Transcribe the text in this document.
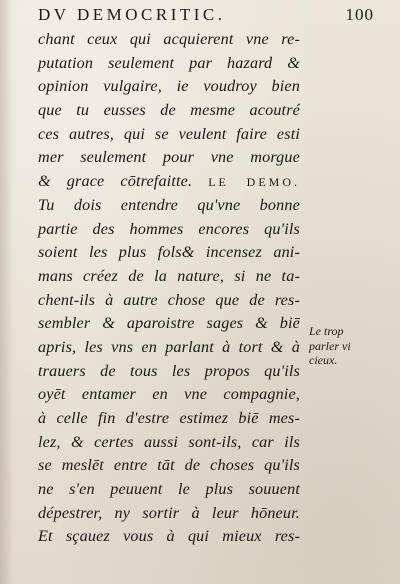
DV DEMOCRITIC.	100
chant ceux qui acquierent vne re-
putation seulement par hazard &
opinion vulgaire, ie voudroy bien
que tu eusses de mesme acoutré
ces autres, qui se veulent faire esti
mer seulement pour vne morgue
& grace cōtrefaitte. LE DEMO.
Tu dois entendre qu'vne bonne
partie des hommes encores qu'ils
soient les plus fols& incensez ani-
mans créez de la nature, si ne ta-
chent-ils à autre chose que de res-
sembler & aparoistre sages & biē
apris, les vns en parlant à tort & à
trauers de tous les propos qu'ils
oyēt entamer en vne compagnie,
à celle fin d'estre estimez biē mes-
lez, & certes aussi sont-ils, car ils
se meslēt entre tāt de choses qu'ils
ne s'en peuuent le plus souuent
dépestrer, ny sortir à leur hōneur.
Et sçauez vous à qui mieux res-
Le trop
parler vi
cieux.
